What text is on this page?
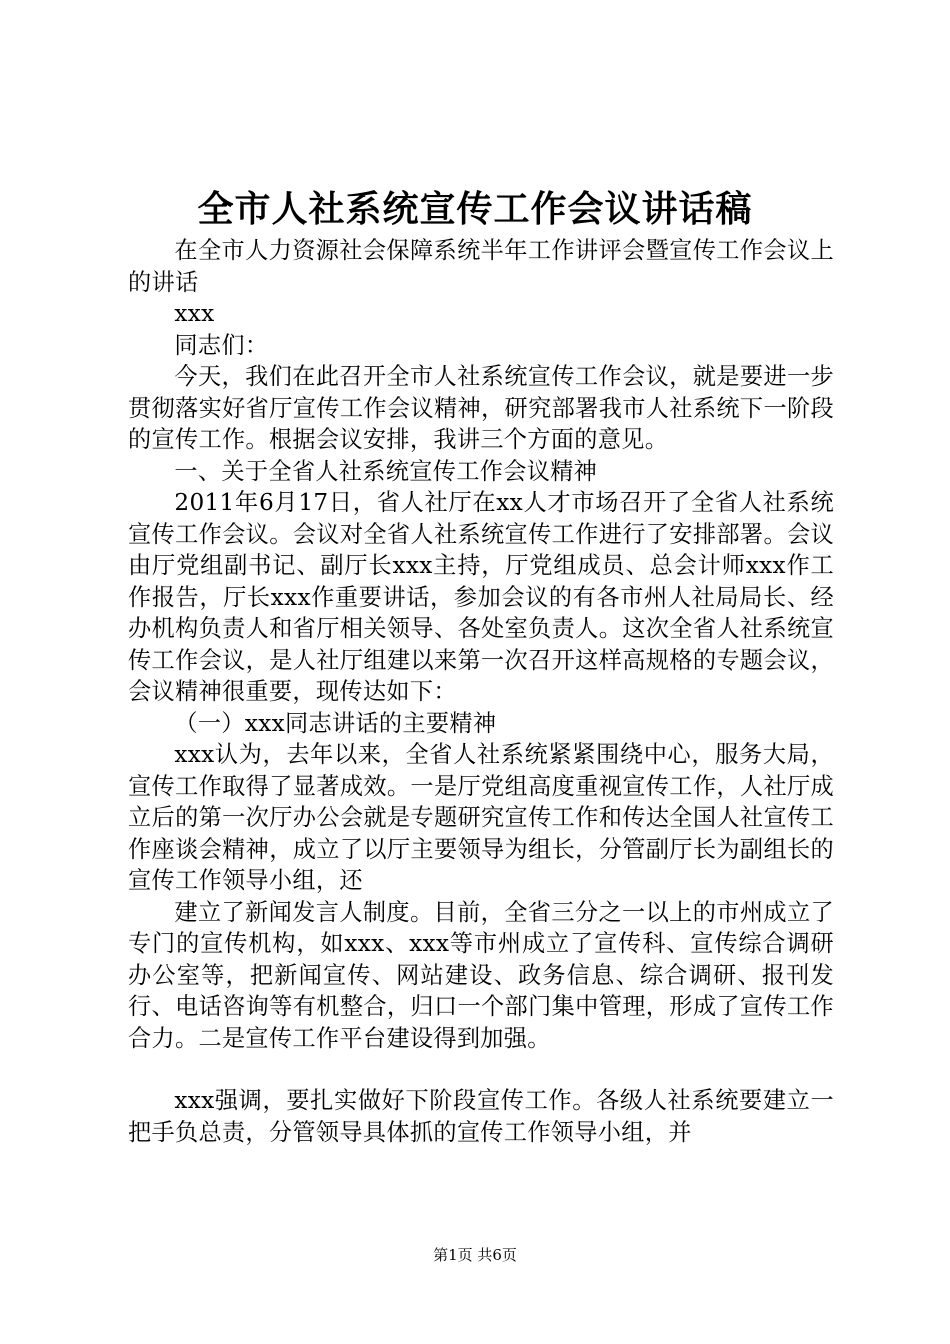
全市人社系统宣传工作会议讲话稿

在全市人力资源社会保障系统半年工作讲评会暨宣传工作会议上的讲话

xxx

同志们：

今天，我们在此召开全市人社系统宣传工作会议，就是要进一步贯彻落实好省厅宣传工作会议精神，研究部署我市人社系统下一阶段的宣传工作。根据会议安排，我讲三个方面的意见。

一、关于全省人社系统宣传工作会议精神

2011年6月17日，省人社厅在xx人才市场召开了全省人社系统宣传工作会议。会议对全省人社系统宣传工作进行了安排部署。会议由厅党组副书记、副厅长xxx主持，厅党组成员、总会计师xxx作工作报告，厅长xxx作重要讲话，参加会议的有各市州人社局局长、经办机构负责人和省厅相关领导、各处室负责人。这次全省人社系统宣传工作会议，是人社厅组建以来第一次召开这样高规格的专题会议，会议精神很重要，现传达如下：

（一）xxx同志讲话的主要精神

xxx认为，去年以来，全省人社系统紧紧围绕中心，服务大局，宣传工作取得了显著成效。一是厅党组高度重视宣传工作，人社厅成立后的第一次厅办公会就是专题研究宣传工作和传达全国人社宣传工作座谈会精神，成立了以厅主要领导为组长，分管副厅长为副组长的宣传工作领导小组，还

建立了新闻发言人制度。目前，全省三分之一以上的市州成立了专门的宣传机构，如xxx、xxx等市州成立了宣传科、宣传综合调研办公室等，把新闻宣传、网站建设、政务信息、综合调研、报刊发行、电话咨询等有机整合，归口一个部门集中管理，形成了宣传工作合力。二是宣传工作平台建设得到加强。

xxx强调，要扎实做好下阶段宣传工作。各级人社系统要建立一把手负总责，分管领导具体抓的宣传工作领导小组，并

第1页 共6页
